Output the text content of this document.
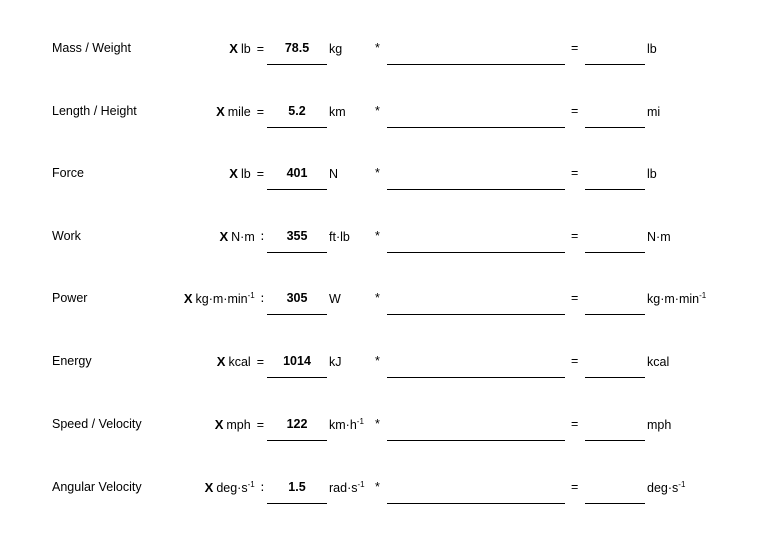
Mass / Weight	X lb =	78.5	kg	*	=	lb
Length / Height	X mile =	5.2	km *	=	mi
Force	X lb =	401	N	*	=	lb
Work	X N·m ∶	355	ft·lb *	=	N·m
Power	X $kg\cdot m\cdot\min^{-1}$ ∶	305	W	*	=	$kg\cdot m\cdot\min^{-1}$
Energy	X kcal =	1014	kJ	*	=	kcal
Speed / Velocity	X mph =	122	$km\cdot h^{-1}$ *	=	mph
Angular Velocity	X $deg\cdot s^{-1}$ ∶	1.5	$rad\cdot s^{-1}$ *	=	$deg\cdot s^{-1}$
